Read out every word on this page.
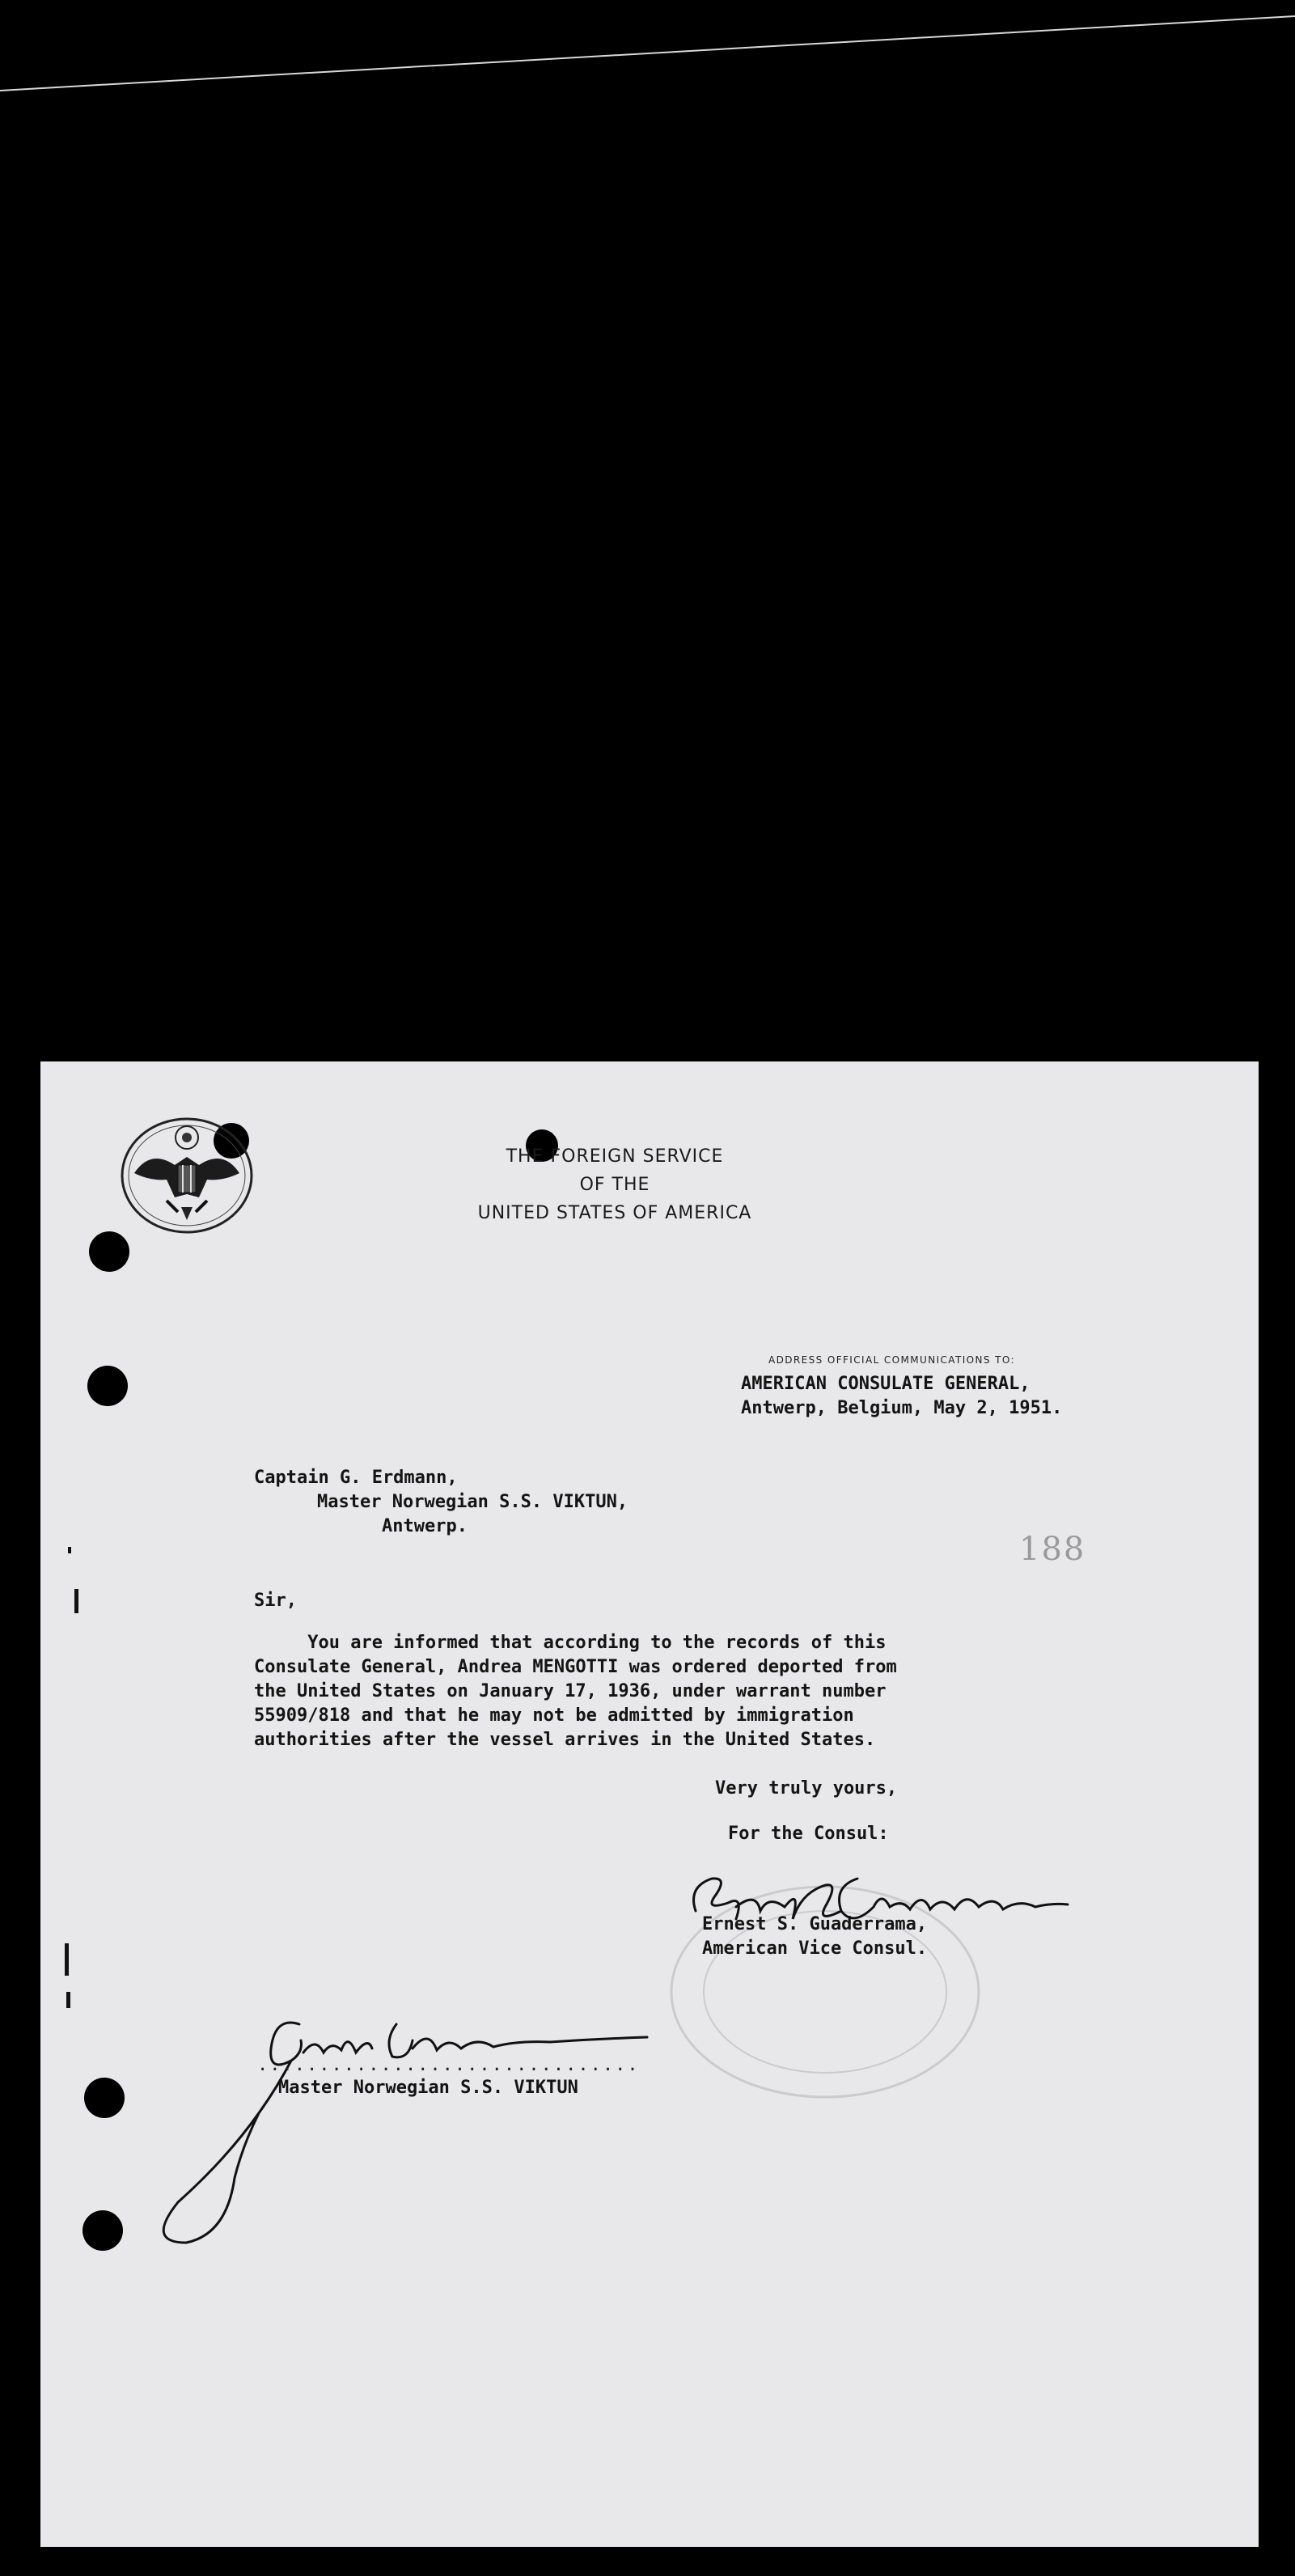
THE FOREIGN SERVICE
OF THE
UNITED STATES OF AMERICA
ADDRESS OFFICIAL COMMUNICATIONS TO:
AMERICAN CONSULATE GENERAL,
Antwerp, Belgium, May 2, 1951.
Captain G. Erdmann,
Master Norwegian S.S. VIKTUN,
Antwerp.
188
Sir,
You are informed that according to the records of this
Consulate General, Andrea MENGOTTI was ordered deported from
the United States on January 17, 1936, under warrant number
55909/818 and that he may not be admitted by immigration
authorities after the vessel arrives in the United States.
Very truly yours,
For the Consul:
Ernest S. Guaderrama,
American Vice Consul.
...............................
Master Norwegian S.S. VIKTUN
